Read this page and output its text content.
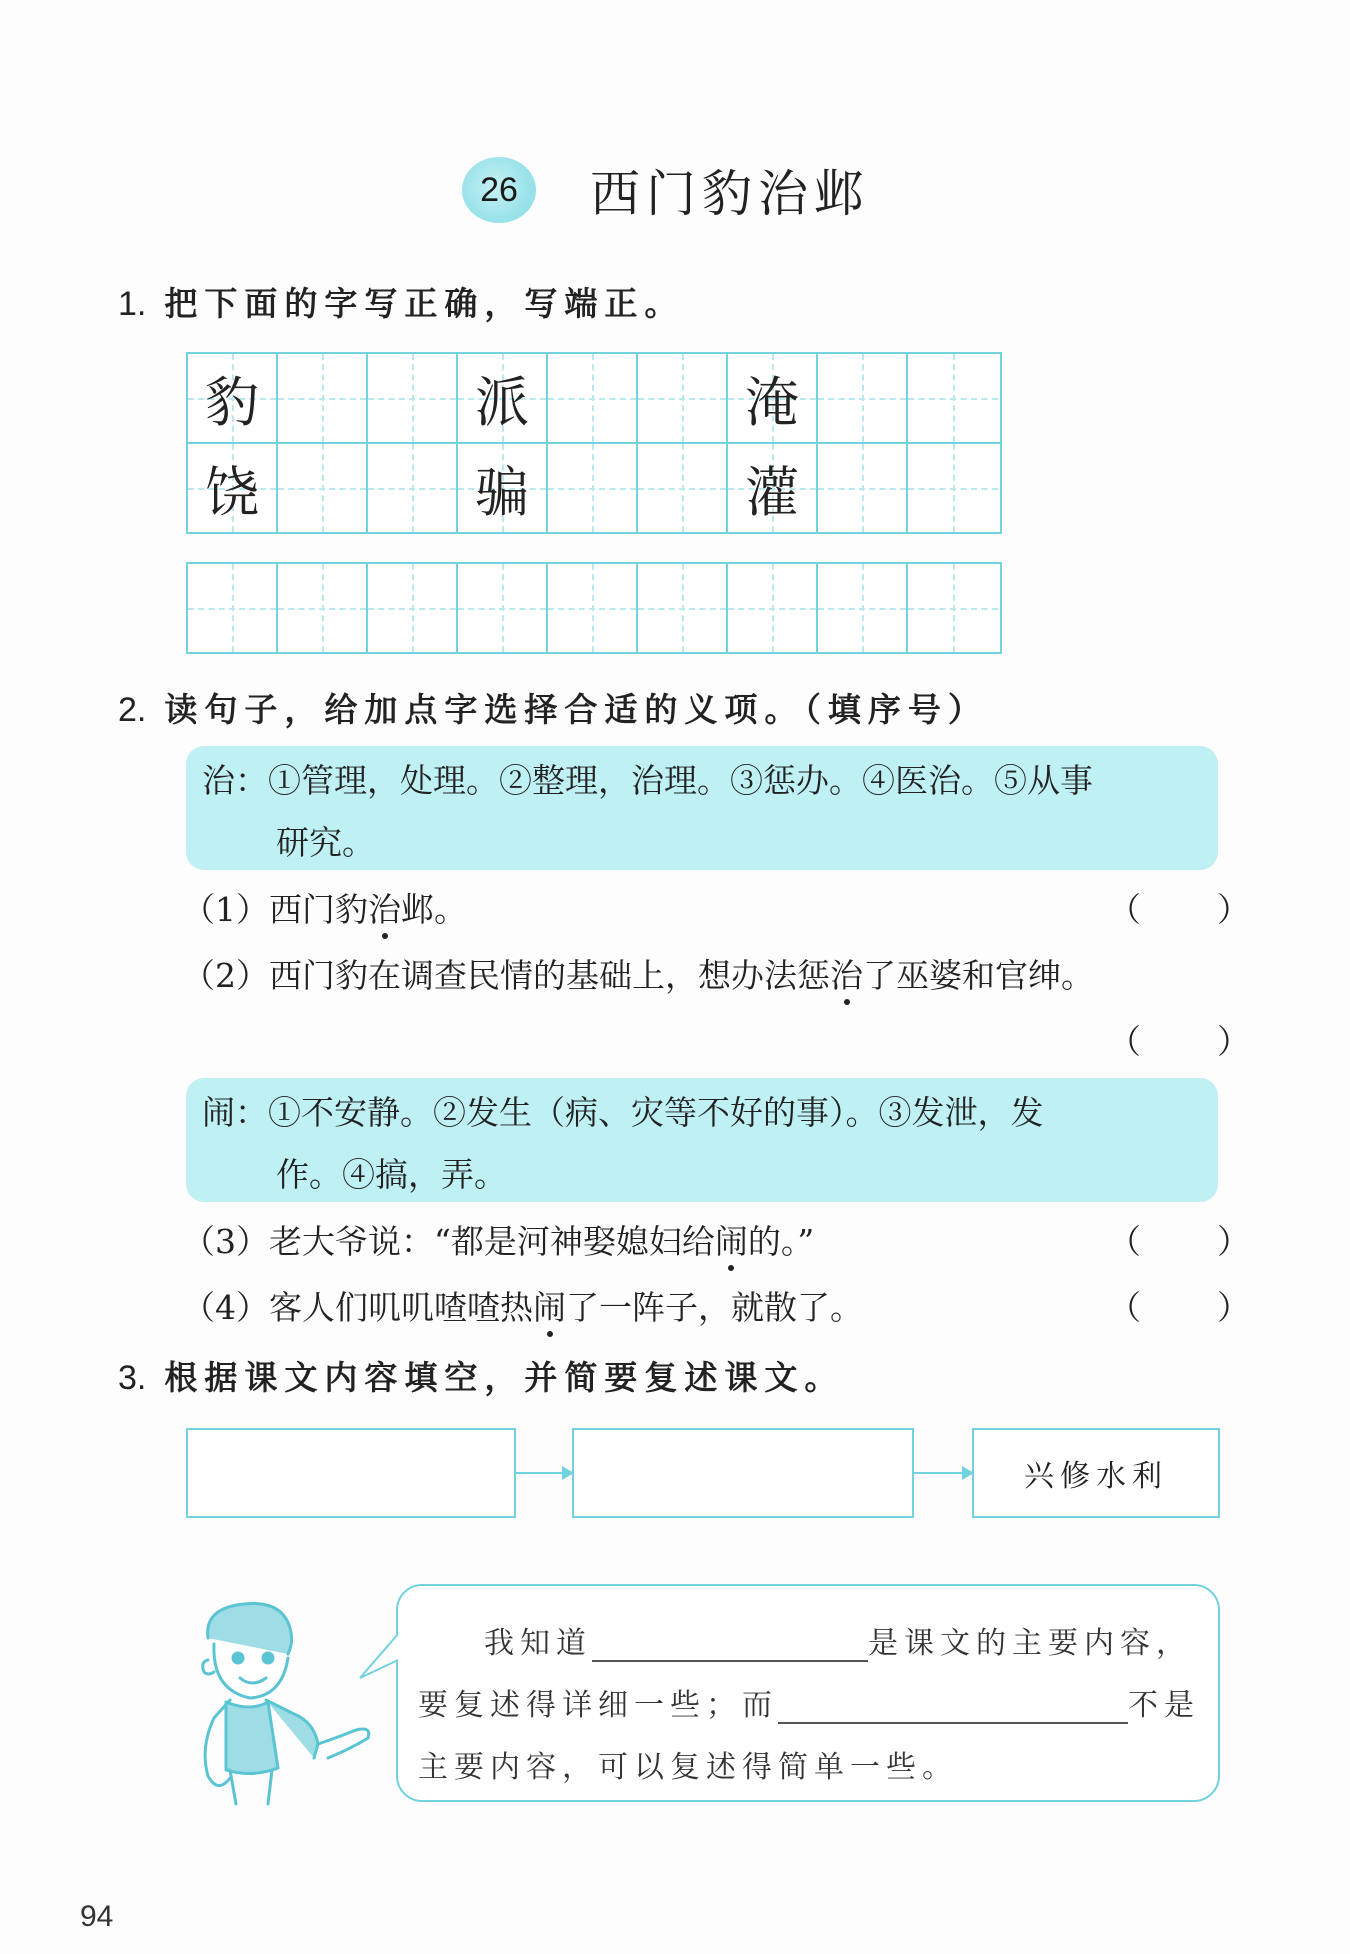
26	西门豹治邺
1. 把下面的字写正确，写端正。
豹	派	淹
饶	骗	灌
2. 读句子，给加点字选择合适的义项。（填序号）
治：①管理，处理。②整理，治理。③惩办。④医治。⑤从事
研究。
（1）西门豹治邺。	（ ）
（2）西门豹在调查民情的基础上，想办法惩治了巫婆和官绅。
（ ）
闹：①不安静。②发生（病、灾等不好的事）。③发泄，发
作。④搞，弄。
（3）老大爷说：“都是河神娶媳妇给闹的。”	（ ）
（4）客人们叽叽喳喳热闹了一阵子，就散了。	（ ）
3. 根据课文内容填空，并简要复述课文。
兴修水利
我知道	是课文的主要内容，
要复述得详细一些；而	不是
主要内容，可以复述得简单一些。
94
